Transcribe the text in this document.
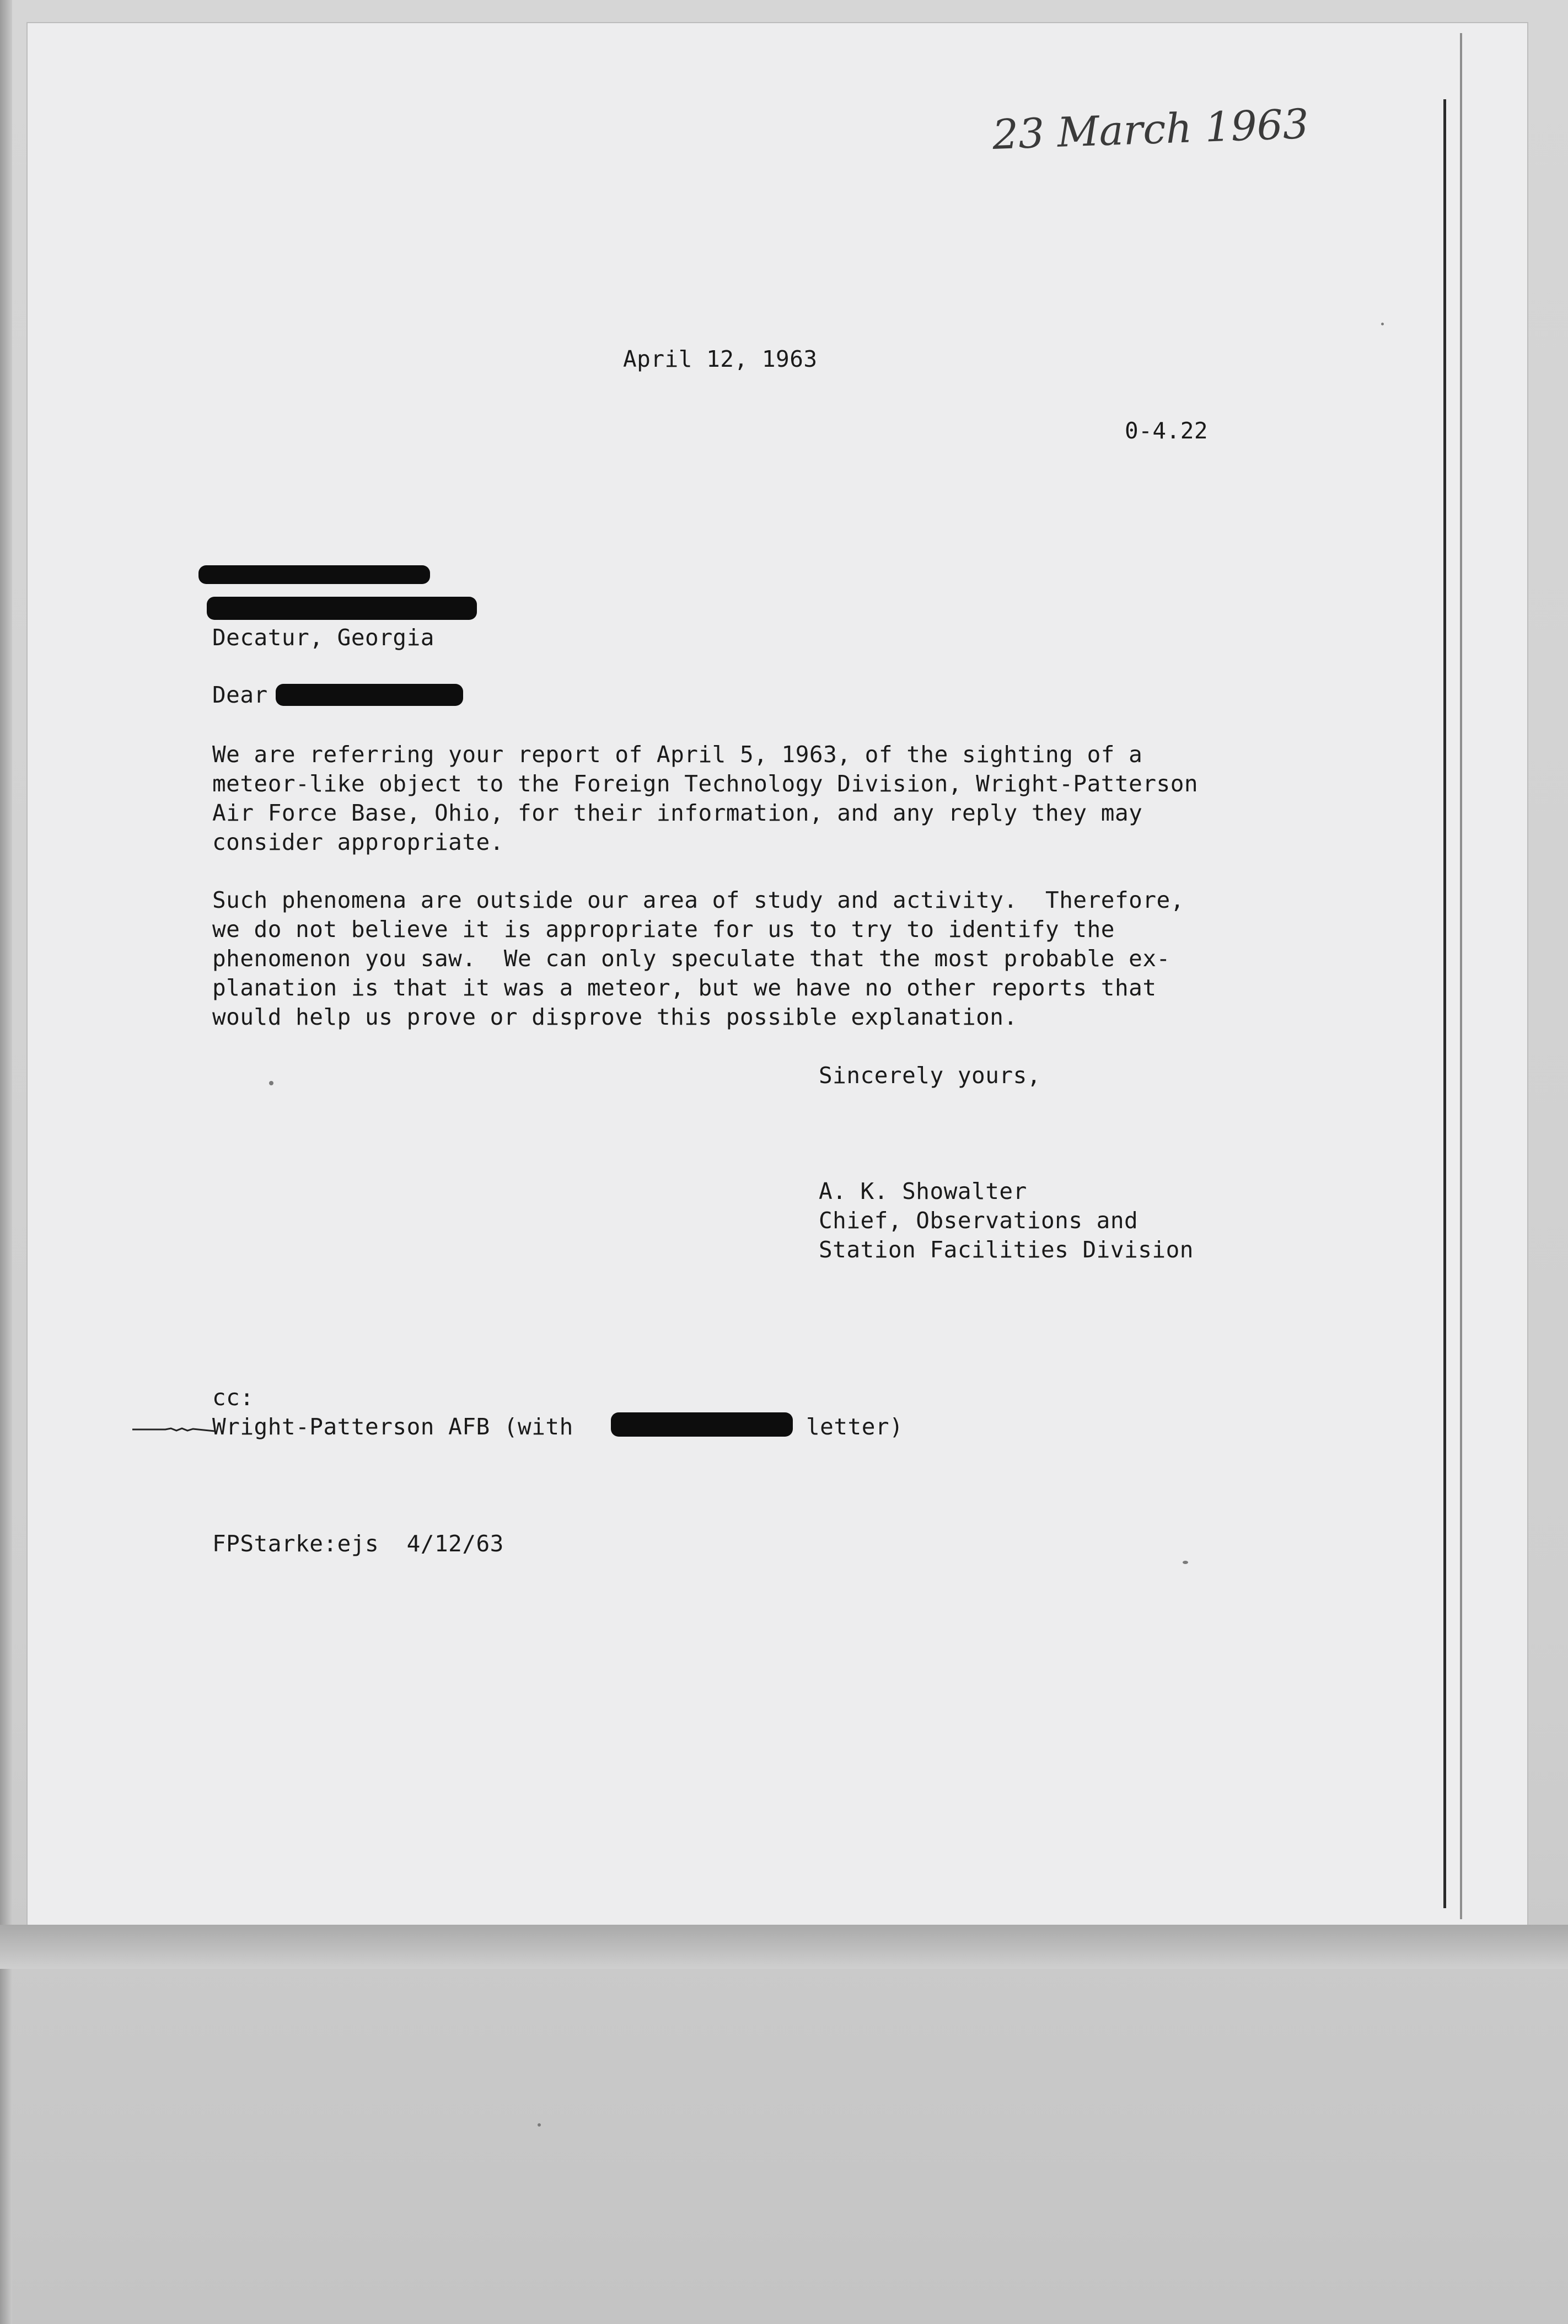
23 March 1963
April 12, 1963
0-4.22
Decatur, Georgia
Dear
We are referring your report of April 5, 1963, of the sighting of a
meteor-like object to the Foreign Technology Division, Wright-Patterson
Air Force Base, Ohio, for their information, and any reply they may
consider appropriate.
Such phenomena are outside our area of study and activity.  Therefore,
we do not believe it is appropriate for us to try to identify the
phenomenon you saw.  We can only speculate that the most probable ex-
planation is that it was a meteor, but we have no other reports that
would help us prove or disprove this possible explanation.
Sincerely yours,
A. K. Showalter
Chief, Observations and
Station Facilities Division
cc:
Wright-Patterson AFB (with	letter)
FPStarke:ejs  4/12/63
